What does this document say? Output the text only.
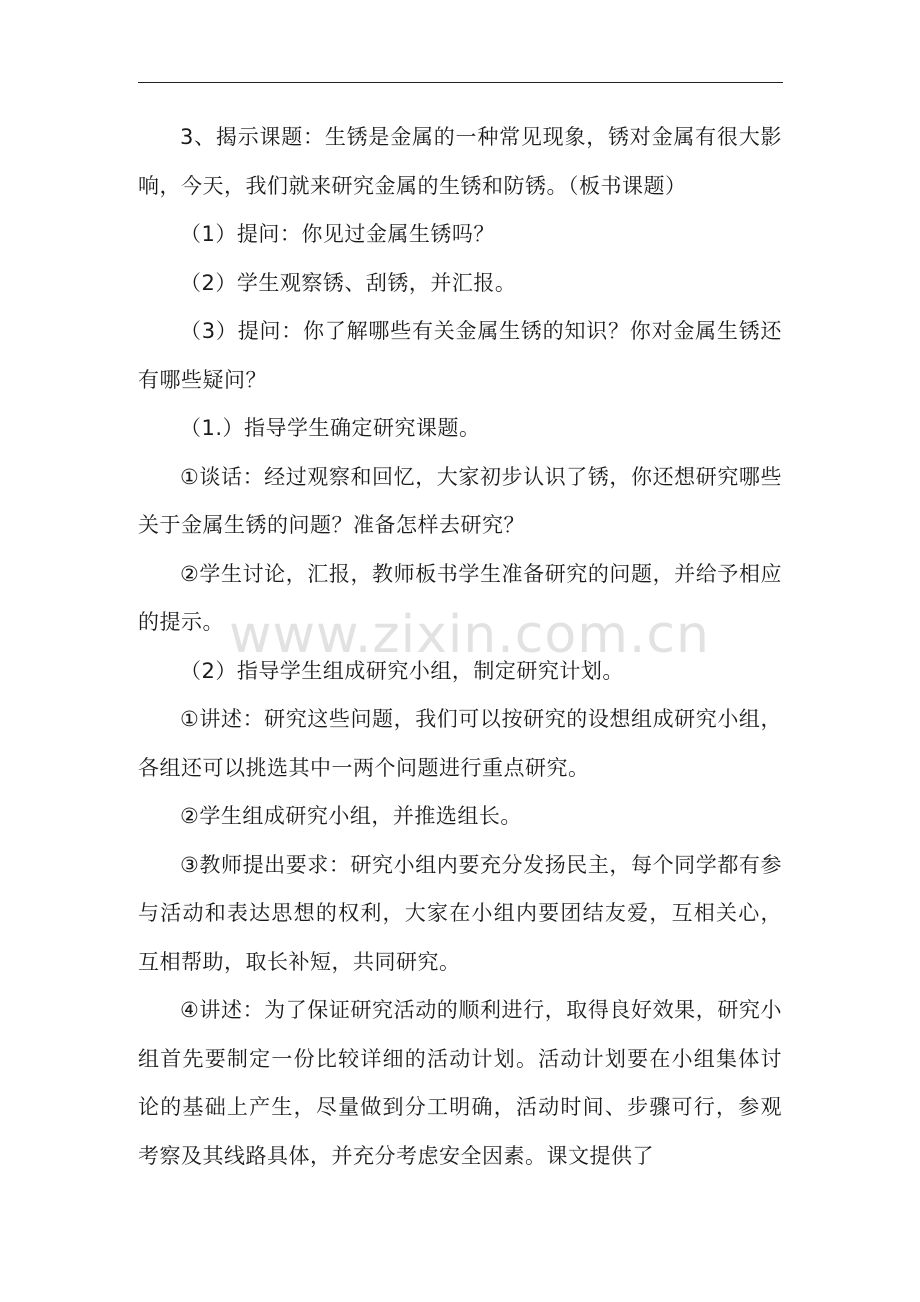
3、揭示课题：生锈是金属的一种常见现象，锈对金属有很大影响，今天，我们就来研究金属的生锈和防锈。（板书课题）

（1）提问：你见过金属生锈吗？

（2）学生观察锈、刮锈，并汇报。

（3）提问：你了解哪些有关金属生锈的知识？你对金属生锈还有哪些疑问？

（1.）指导学生确定研究课题。

①谈话：经过观察和回忆，大家初步认识了锈，你还想研究哪些关于金属生锈的问题？准备怎样去研究？

②学生讨论，汇报，教师板书学生准备研究的问题，并给予相应的提示。

（2）指导学生组成研究小组，制定研究计划。

①讲述：研究这些问题，我们可以按研究的设想组成研究小组，各组还可以挑选其中一两个问题进行重点研究。

②学生组成研究小组，并推选组长。

③教师提出要求：研究小组内要充分发扬民主，每个同学都有参与活动和表达思想的权利，大家在小组内要团结友爱，互相关心，互相帮助，取长补短，共同研究。

④讲述：为了保证研究活动的顺利进行，取得良好效果，研究小组首先要制定一份比较详细的活动计划。活动计划要在小组集体讨论的基础上产生，尽量做到分工明确，活动时间、步骤可行，参观考察及其线路具体，并充分考虑安全因素。课文提供了

www.zixin.com.cn
